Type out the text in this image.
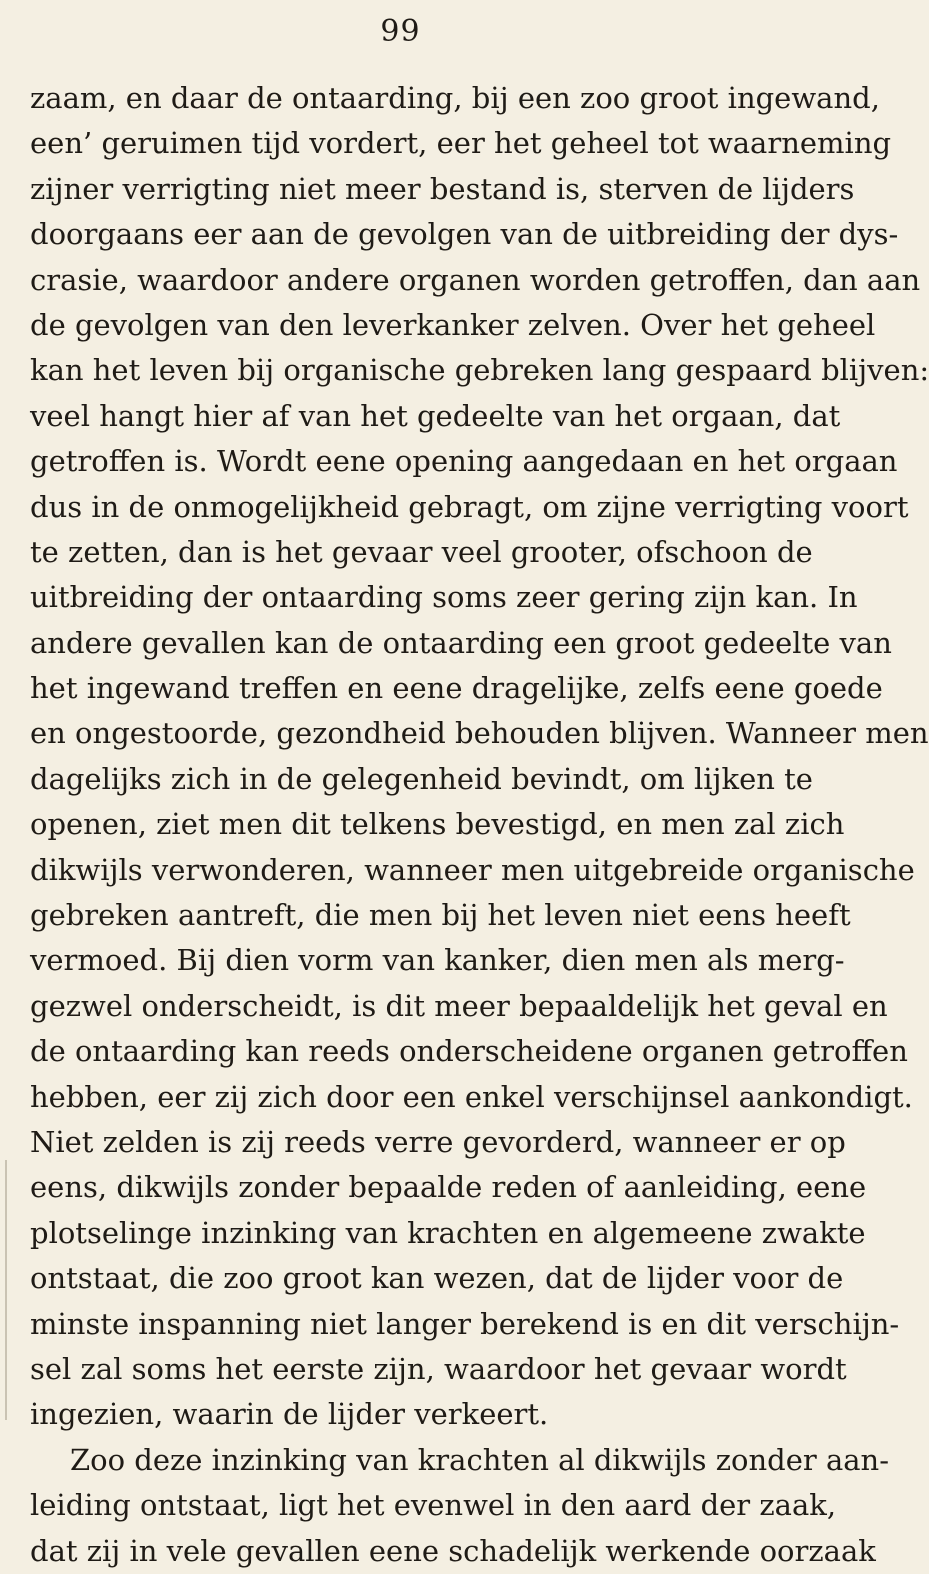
99
zaam, en daar de ontaarding, bij een zoo groot ingewand,
een’ geruimen tijd vordert, eer het geheel tot waarneming
zijner verrigting niet meer bestand is, sterven de lijders
doorgaans eer aan de gevolgen van de uitbreiding der dys-
crasie, waardoor andere organen worden getroffen, dan aan
de gevolgen van den leverkanker zelven. Over het geheel
kan het leven bij organische gebreken lang gespaard blijven:
veel hangt hier af van het gedeelte van het orgaan, dat
getroffen is. Wordt eene opening aangedaan en het orgaan
dus in de onmogelijkheid gebragt, om zijne verrigting voort
te zetten, dan is het gevaar veel grooter, ofschoon de
uitbreiding der ontaarding soms zeer gering zijn kan. In
andere gevallen kan de ontaarding een groot gedeelte van
het ingewand treffen en eene dragelijke, zelfs eene goede
en ongestoorde, gezondheid behouden blijven. Wanneer men
dagelijks zich in de gelegenheid bevindt, om lijken te
openen, ziet men dit telkens bevestigd, en men zal zich
dikwijls verwonderen, wanneer men uitgebreide organische
gebreken aantreft, die men bij het leven niet eens heeft
vermoed. Bij dien vorm van kanker, dien men als merg-
gezwel onderscheidt, is dit meer bepaaldelijk het geval en
de ontaarding kan reeds onderscheidene organen getroffen
hebben, eer zij zich door een enkel verschijnsel aankondigt.
Niet zelden is zij reeds verre gevorderd, wanneer er op
eens, dikwijls zonder bepaalde reden of aanleiding, eene
plotselinge inzinking van krachten en algemeene zwakte
ontstaat, die zoo groot kan wezen, dat de lijder voor de
minste inspanning niet langer berekend is en dit verschijn-
sel zal soms het eerste zijn, waardoor het gevaar wordt
ingezien, waarin de lijder verkeert.
Zoo deze inzinking van krachten al dikwijls zonder aan-
leiding ontstaat, ligt het evenwel in den aard der zaak,
dat zij in vele gevallen eene schadelijk werkende oorzaak
